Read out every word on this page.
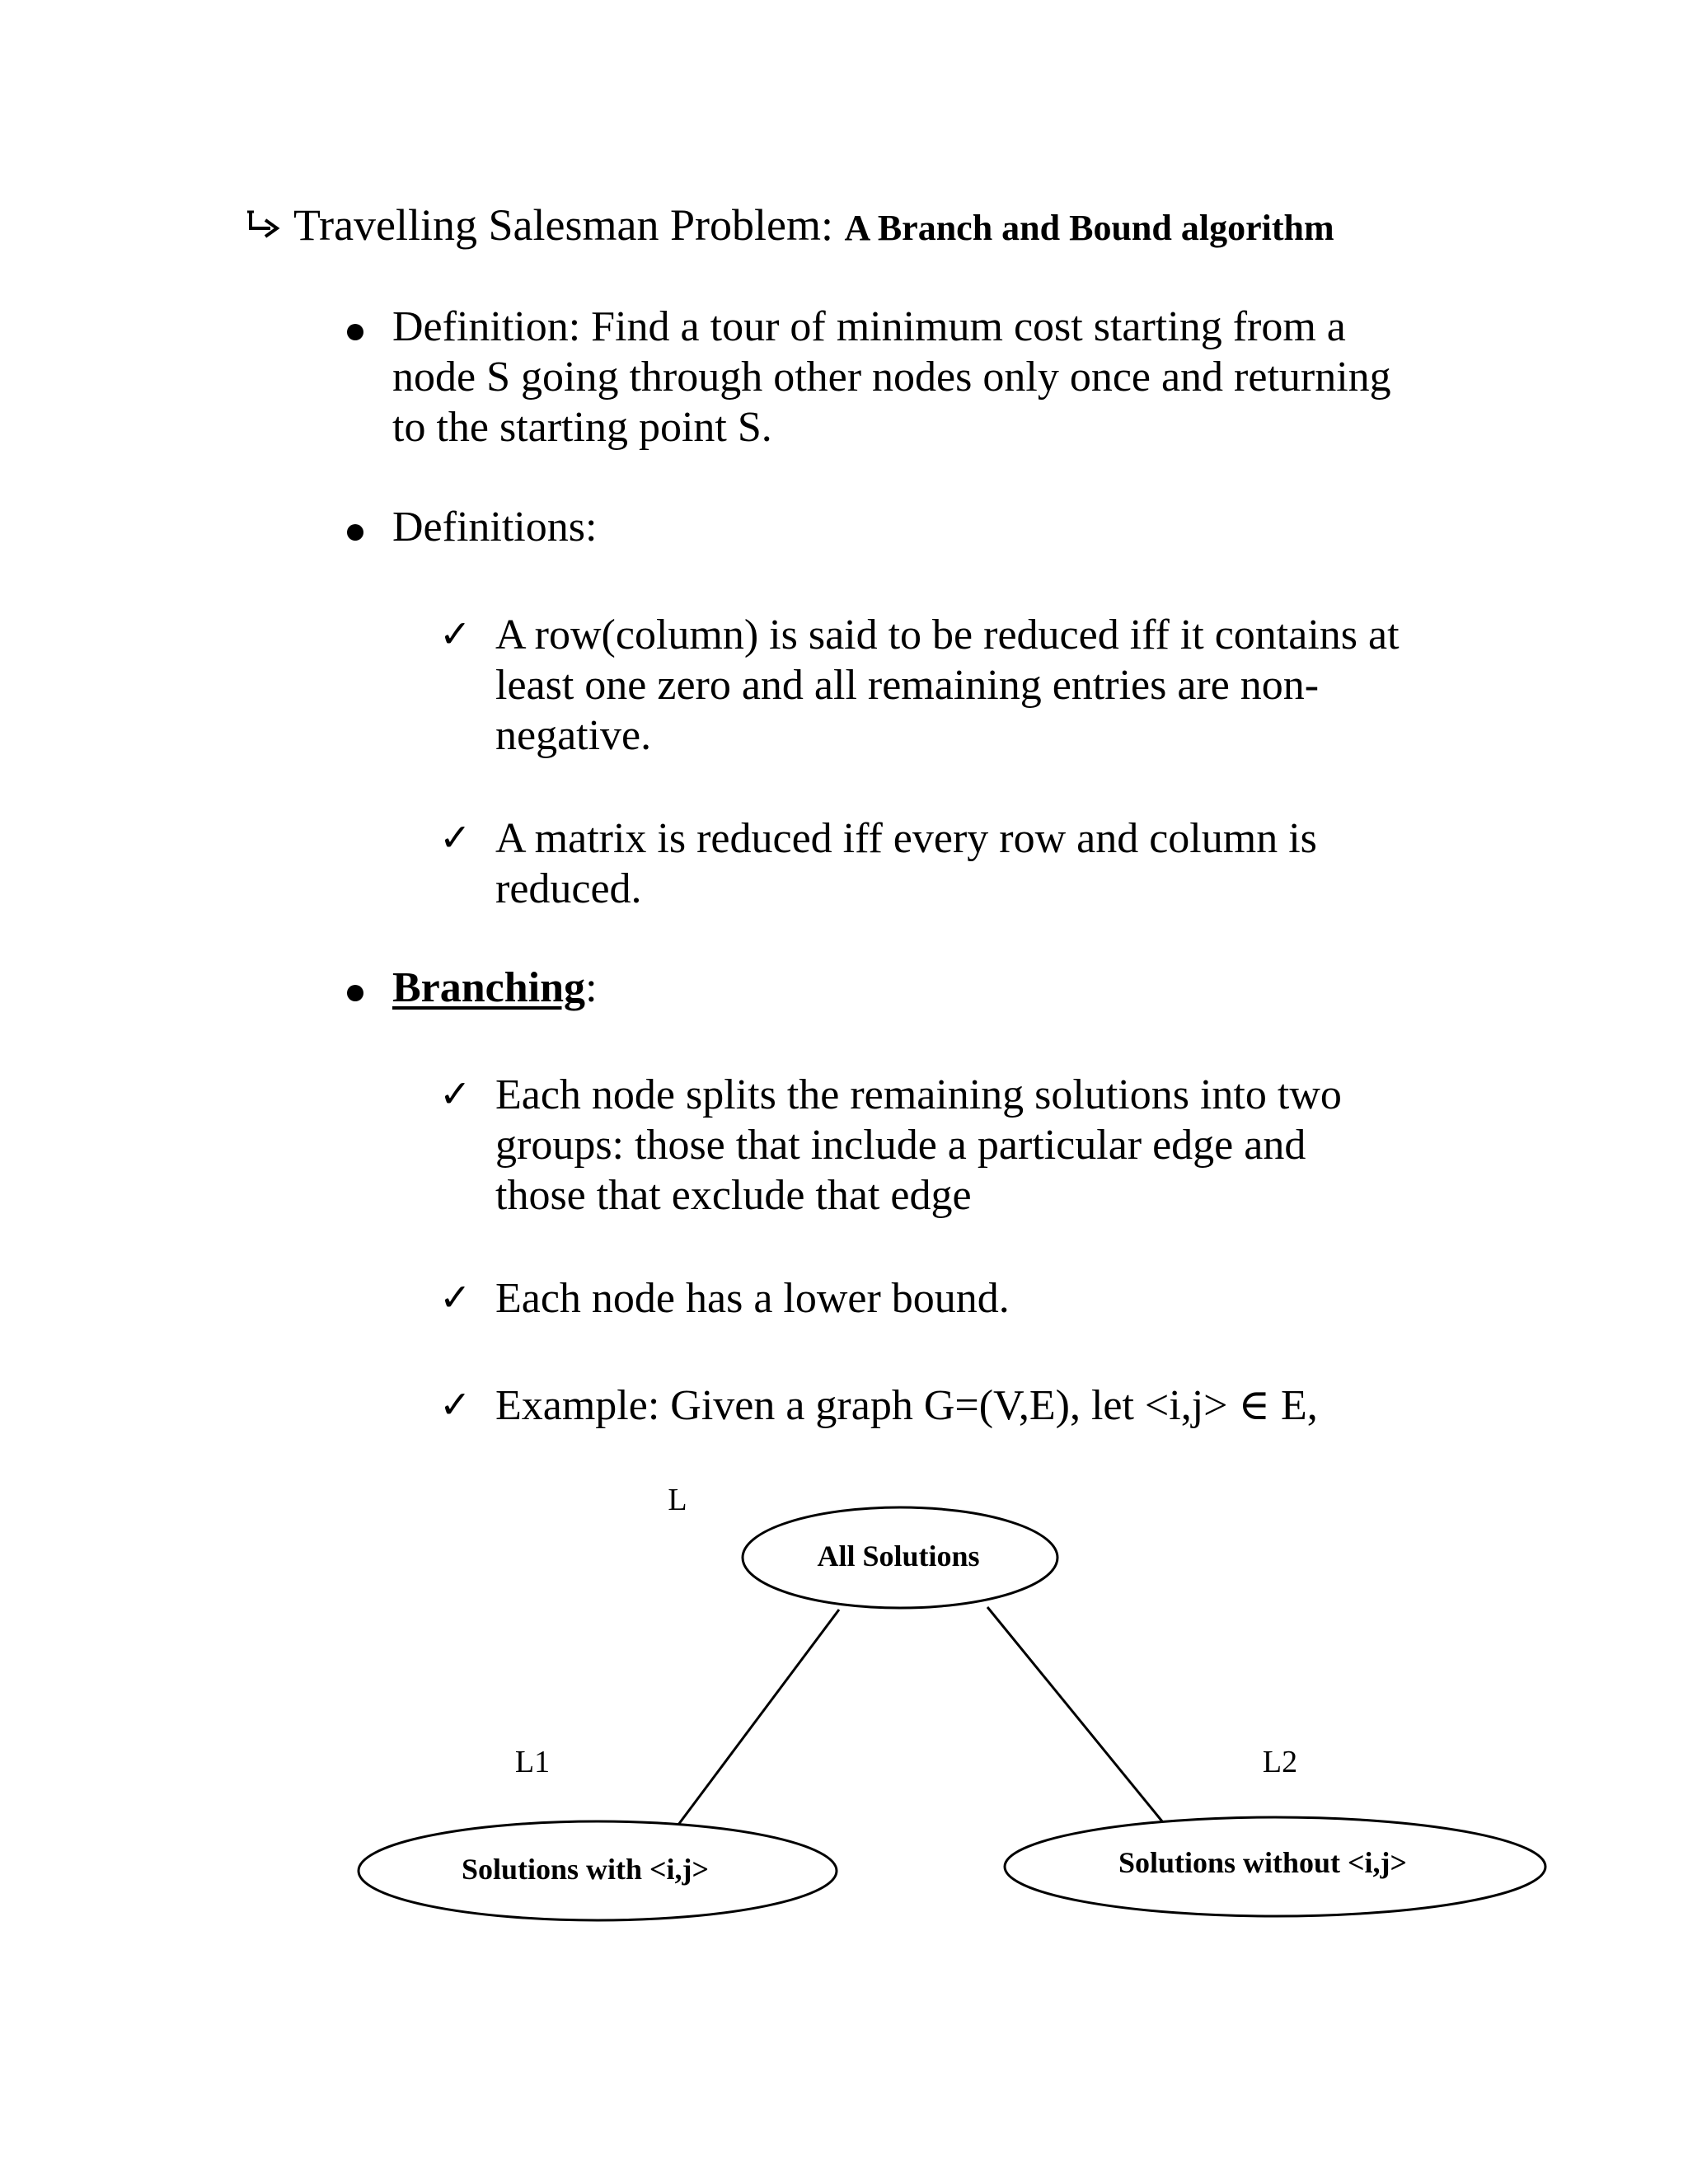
Travelling Salesman Problem: A Branch and Bound algorithm
Definition: Find a tour of minimum cost starting from a
node S going through other nodes only once and returning
to the starting point S.
Definitions:
✓ A row(column) is said to be reduced iff it contains at
least one zero and all remaining entries are non-
negative.
✓ A matrix is reduced iff every row and column is
reduced.
Branching:
✓ Each node splits the remaining solutions into two
groups: those that include a particular edge and
those that exclude that edge
✓ Each node has a lower bound.
✓ Example: Given a graph G=(V,E), let <i,j> ∈ E,
All Solutions
Solutions with <i,j>	Solutions without <i,j>
L
L1	L2
